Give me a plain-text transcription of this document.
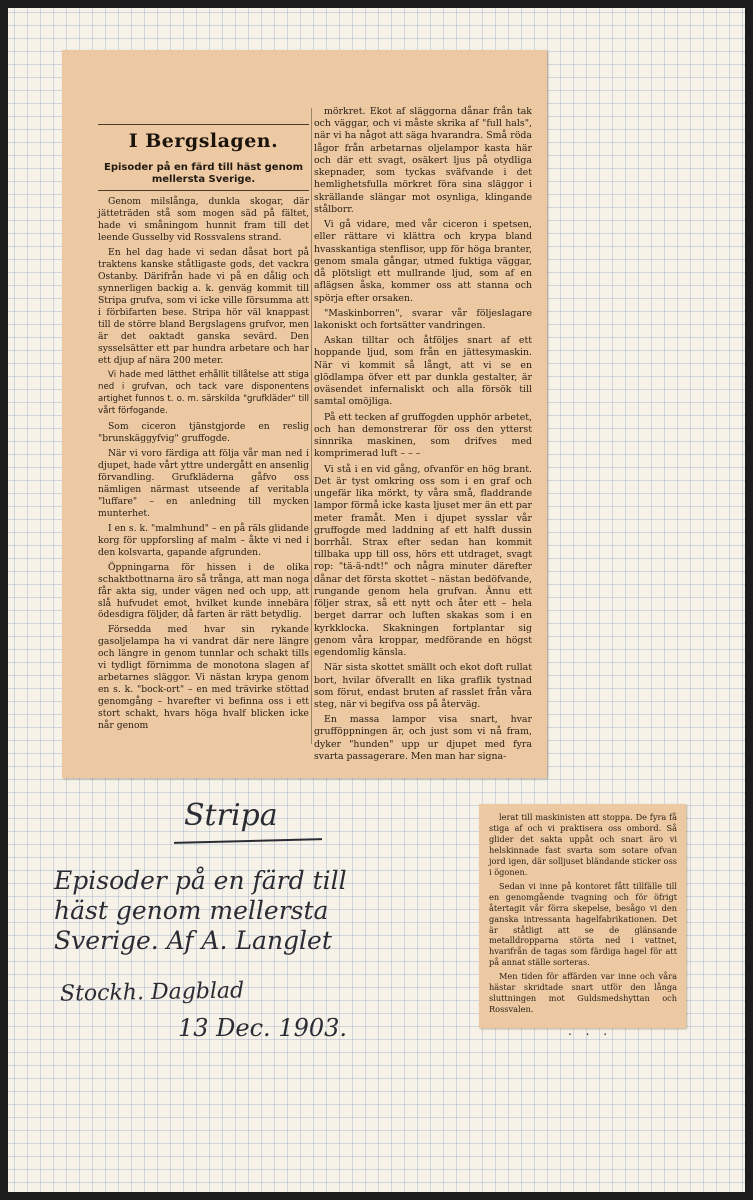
I Bergslagen.
Episoder på en färd till häst genom mellersta Sverige.

Genom milslånga, dunkla skogar, där jätteträden stå som mogen säd på fältet, hade vi småningom hunnit fram till det leende Gusselby vid Rossvalens strand.

En hel dag hade vi sedan dåsat bort på traktens kanske ståtligaste gods, det vackra Ostanby. Därifrån hade vi på en dålig och synnerligen backig a. k. genväg kommit till Stripa grufva, som vi icke ville försumma att i förbifarten bese. Stripa hör väl knappast till de större bland Bergslagens grufvor, men är det oaktadt ganska sevärd. Den sysselsätter ett par hundra arbetare och har ett djup af nära 200 meter.

Vi hade med lätthet erhållit tillåtelse att stiga ned i grufvan, och tack vare disponentens artighet funnos t. o. m. särskilda "grufkläder" till vårt förfogande.

Som ciceron tjänstgjorde en reslig "brunskäggyfvig" gruffogde.

När vi voro färdiga att följa vår man ned i djupet, hade vårt yttre undergått en ansenlig förvandling. Grufkläderna gåfvo oss nämligen närmast utseende af veritabla "luffare" – en anledning till mycken munterhet.

I en s. k. "malmhund" – en på räls glidande korg för uppforsling af malm – åkte vi ned i den kolsvarta, gapande afgrunden.

Öppningarna för hissen i de olika schaktbottnarna äro så trånga, att man noga får akta sig, under vägen ned och upp, att slå hufvudet emot, hvilket kunde innebära ödesdigra följder, då farten är rätt betydlig.

Försedda med hvar sin rykande gasoljelampa ha vi vandrat där nere längre och längre in genom tunnlar och schakt tills vi tydligt förnimma de monotona slagen af arbetarnes släggor. Vi nästan krypa genom en s. k. "bock-ort" – en med trävirke stöttad genomgång – hvarefter vi befinna oss i ett stort schakt, hvars höga hvalf blicken icke når genom

mörkret. Ekot af släggorna dånar från tak och väggar, och vi måste skrika af "full hals", när vi ha något att säga hvarandra. Små röda lågor från arbetarnas oljelampor kasta här och där ett svagt, osäkert ljus på otydliga skepnader, som tyckas sväfvande i det hemlighetsfulla mörkret föra sina släggor i skrällande slängar mot osynliga, klingande stålborr.

Vi gå vidare, med vår ciceron i spetsen, eller rättare vi klättra och krypa bland hvasskantiga stenflisor, upp för höga branter, genom smala gångar, utmed fuktiga väggar, då plötsligt ett mullrande ljud, som af en aflägsen åska, kommer oss att stanna och spörja efter orsaken.

"Maskinborren", svarar vår följeslagare lakoniskt och fortsätter vandringen.

Askan tilltar och åtföljes snart af ett hoppande ljud, som från en jättesymaskin. När vi kommit så långt, att vi se en glödlampa öfver ett par dunkla gestalter, är oväsendet infernaliskt och alla försök till samtal omöjliga.

På ett tecken af gruffogden upphör arbetet, och han demonstrerar för oss den ytterst sinnrika maskinen, som drifves med komprimerad luft – – –

Vi stå i en vid gång, ofvanför en hög brant. Det är tyst omkring oss som i en graf och ungefär lika mörkt, ty våra små, fladdrande lampor förmå icke kasta ljuset mer än ett par meter framåt. Men i djupet sysslar vår gruffogde med laddning af ett halft dussin borrhål. Strax efter sedan han kommit tillbaka upp till oss, hörs ett utdraget, svagt rop: "tä-ä-ndt!" och några minuter därefter dånar det första skottet – nästan bedöfvande, rungande genom hela grufvan. Ännu ett följer strax, så ett nytt och åter ett – hela berget darrar och luften skakas som i en kyrkklocka. Skakningen fortplantar sig genom våra kroppar, medförande en högst egendomlig känsla.

När sista skottet smällt och ekot doft rullat bort, hvilar öfverallt en lika graflik tystnad som förut, endast bruten af rasslet från våra steg, när vi begifva oss på återväg.

En massa lampor visa snart, hvar grufföppningen är, och just som vi nå fram, dyker "hunden" upp ur djupet med fyra svarta passagerare. Men man har signa-

lerat till maskinisten att stoppa. De fyra få stiga af och vi praktisera oss ombord. Så glider det sakta uppåt och snart äro vi helskinnade fast svarta som sotare ofvan jord igen, där solljuset bländande sticker oss i ögonen.

Sedan vi inne på kontoret fått tillfälle till en genomgående tvagning och för öfrigt återtagit vår förra skepelse, besågo vi den ganska intressanta hagelfabrikationen. Det är ståtligt att se de glänsande metalldropparna störta ned i vattnet, hvarifrån de tagas som färdiga hagel för att på annat ställe sorteras.

Men tiden för affärden var inne och våra hästar skridtade snart utför den långa sluttningen mot Guldsmedshyttan och Rossvalen.

. . .
Stripa
Episoder på en färd till
häst genom mellersta
Sverige. Af A. Langlet
Stockh. Dagblad
13 Dec. 1903.
